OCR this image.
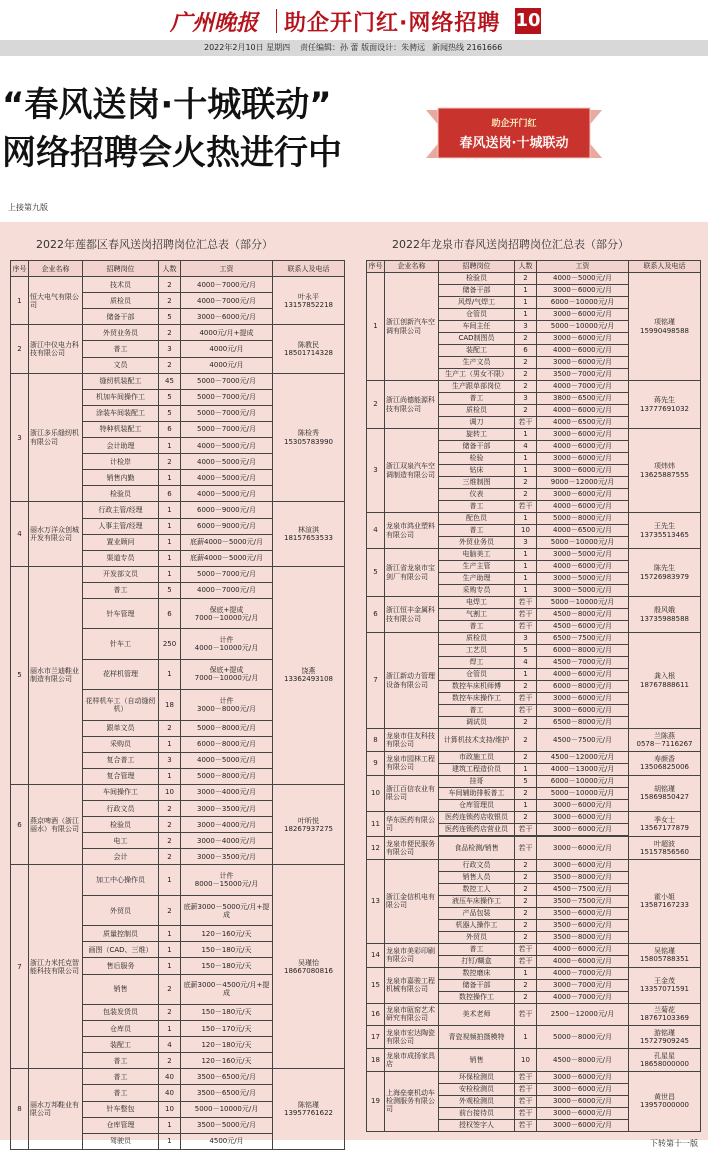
广州晚报 助企开门红·网络招聘 10
2022年2月10日 星期四 责任编辑：孙 蕾 版面设计：朱骋远 新闻热线 2161666
“春风送岗·十城联动”
网络招聘会火热进行中
助企开门红
春风送岗·十城联动
上接第九版
2022年莲都区春风送岗招聘岗位汇总表（部分）	2022年龙泉市春风送岗招聘岗位汇总表（部分）
序号	企业名称	招聘岗位	人数	工资	联系人及电话
1	恒大电气有限公司	技术员	2	4000－7000元/月	叶永平
13157852218
		质检员	2	4000－7000元/月	
		储备干部	5	3000－6000元/月	
2	浙江中仪电力科技有限公司	外贸业务员	2	4000元/月+提成	陈教民
18501714328
		普工	3	4000元/月	
		文员	2	4000元/月	
3	浙江多乐缝纫机有限公司	缝纫机装配工	45	5000－7000元/月	陈检秀
15305783990
		机加车间操作工	5	5000－7000元/月	
		涂装车间装配工	5	5000－7000元/月	
		特种机装配工	6	5000－7000元/月	
		会计助理	1	4000－5000元/月	
		计检岸	2	4000－5000元/月	
		销售内勤	1	4000－5000元/月	
		检验员	6	4000－5000元/月	
4	丽水万洋众创城开发有限公司	行政主管/经理	1	6000－9000元/月	林渲淇
18157653533
		人事主管/经理	1	6000－9000元/月	
		置业顾问	1	底薪4000－5000元/月	
		渠道专员	1	底薪4000－5000元/月	
5	丽水市兰迪鞋业制造有限公司	开发部文员	1	5000－7000元/月	饶燕
13362493108
		普工	5	4000－7000元/月	
		针车管理	6	保底+提成
7000－10000元/月	
		针车工	250	计件
4000－10000元/月	
		花样机管理	1	保底+提成
7000－10000元/月	
		花样机车工（自动缝纫机）	18	计件
3000－8000元/月	
		跟单文员	2	5000－8000元/月	
		采购员	1	6000－8000元/月	
		复合普工	3	4000－5000元/月	
		复合管理	1	5000－8000元/月	
6	燕京啤酒（浙江丽水）有限公司	车间操作工	10	3000－4000元/月	叶昕悦
18267937275
		行政文员	2	3000－3500元/月	
		检验员	2	3000－4000元/月	
		电工	2	3000－4000元/月	
		会计	2	3000－3500元/月	
7	浙江力米托克智能科技有限公司	加工中心操作员	1	计件
8000－15000元/月	吴瑾怡
18667080816
		外贸员	2	底薪3000－5000元/月+提成	
		质量控制员	1	120－160元/天	
		画图（CAD、三维）	1	150－180元/天	
		售后服务	1	150－180元/天	
		销售	2	底薪3000－4500元/月+提成	
		包装发货员	2	150－180元/天	
		仓库员	1	150－170元/天	
		装配工	4	120－180元/天	
		普工	2	120－160元/天	
8	丽水万邦鞋业有限公司	普工	40	3500－6500元/月	陈铭瑾
13957761622
		普工	40	3500－6500元/月	
		针车整包	10	5000－10000元/月	
		仓库管理	1	3500－5000元/月	
		驾驶员	1	4500元/月	
序号	企业名称	招聘岗位	人数	工资	联系人及电话
1	浙江创新汽车空调有限公司	检验员	2	4000－5000元/月	项铭瑾
15990498588
		储备干部	1	3000－6000元/月	
		风焊/气焊工	1	6000－10000元/月	
		仓管员	1	3000－6000元/月	
		车间主任	3	5000－10000元/月	
		CAD制图员	2	3000－6000元/月	
		装配工	6	4000－6000元/月	
		生产文员	2	3000－6000元/月	
		生产工（男女不限）	2	3500－7000元/月	
2	浙江尚德能源科技有限公司	生产跟单部岗位	2	4000－7000元/月	蒋先生
13777691032
		普工	3	3800－6500元/月	
		质检员	2	4000－6000元/月	
		调刀	若干	4000－6500元/月	
3	浙江双泉汽车空调制造有限公司	旋转工	1	3000－6000元/月	项炜炜
13625887555
		储备干部	4	4000－6000元/月	
		检验	1	3000－6000元/月	
		钻床	1	3000－6000元/月	
		三维制图	2	9000－12000元/月	
		仪表	2	3000－6000元/月	
		普工	若干	4000－6000元/月	
4	龙泉市鸿业塑料有限公司	配色员	1	5000－8000元/月	王先生
13735513465
		普工	10	4000－6500元/月	
		外贸业务员	3	5000－10000元/月	
5	浙江省龙泉市宝剑厂有限公司	电脑美工	1	3000－5000元/月	陈先生
15726983979
		生产主管	1	4000－6000元/月	
		生产助理	1	3000－5000元/月	
		采购专员	1	3000－5000元/月	
6	浙江恒丰金属科技有限公司	电焊工	若干	5000－10000元/月	殷风娥
13735988588
		气割工	若干	4500－8000元/月	
		普工	若干	4500－6000元/月	
7	浙江新动力管理设备有限公司	质检员	3	6500－7500元/月	龚入根
18767888611
		工艺员	5	6000－8000元/月	
		焊工	4	4500－7000元/月	
		仓管员	1	4000－6000元/月	
		数控车床机师傅	2	6000－8000元/月	
		数控车床操作工	若干	3000－6000元/月	
		普工	若干	3000－6000元/月	
		调试员	2	6500－8000元/月	
8	龙泉市住友科技有限公司	计算机技术支持/维护	2	4500－7500元/月	兰陈燕
0578－7116267
9	龙泉市园林工程有限公司	市政施工员	2	4500－12000元/月	寿颜香
13506825006
		建筑工程造价员	1	4000－13000元/月	
10	浙江百信农业有限公司	挂哥	5	6000－10000元/月	胡铭瑾
15869850427
		车间辅助排板普工	2	5000－10000元/月	
		仓库管理员	1	3000－6000元/月	
11	华东医药有限公司	医药连锁药店收银员	2	3000－6000元/月	季女士
13567177879
		医药连锁药店营业员	若干	3000－6000元/月	

12	龙泉市便民服务有限公司	食品检测/销售	若干	3000－6000元/月	叶超波
15157856560
13	浙江金信机电有限公司	行政文员	2	3000－6000元/月	霍小姐
13587167233
		销售人员	2	3500－8000元/月	
		数控工人	2	4500－7500元/月	
		液压车床操作工	2	3500－7500元/月	
		产品包装	2	3500－6000元/月	
		机器人操作工	2	3500－6000元/月	
		外贸员	2	3500－8000元/月	
14	龙泉市美彩印刷有限公司	普工	若干	4000－6000元/月	吴铭瑾
15805788351
		打钉/糊盒	若干	4000－6000元/月	
15	龙泉市嘉骏工程机械有限公司	数控磨床	1	4000－7000元/月	王金茂
13357071591
		储备干部	2	3000－7000元/月	
		数控操作工	2	4000－7000元/月	
16	龙泉市瓯窑艺术研究有限公司	美术老师	若干	2500－12000元/月	兰菊花
18767103369
17	龙泉市宏达陶瓷有限公司	青瓷视频拍摄模特	1	5000－8000元/月	游铭瑾
15727909245
18	龙泉市成扬家具店	销售	10	4500－8000元/月	孔星星
18658000000
19	上海垒豪机动车检测服务有限公司	环保检测员	若干	3000－6000元/月	黄世昌
13957000000
		安检检测员	若干	3000－6000元/月	
		外观检测员	若干	3000－6000元/月	
		前台接待员	若干	3000－6000元/月	
		授权签字人	若干	3000－6000元/月	
下转第十一版
